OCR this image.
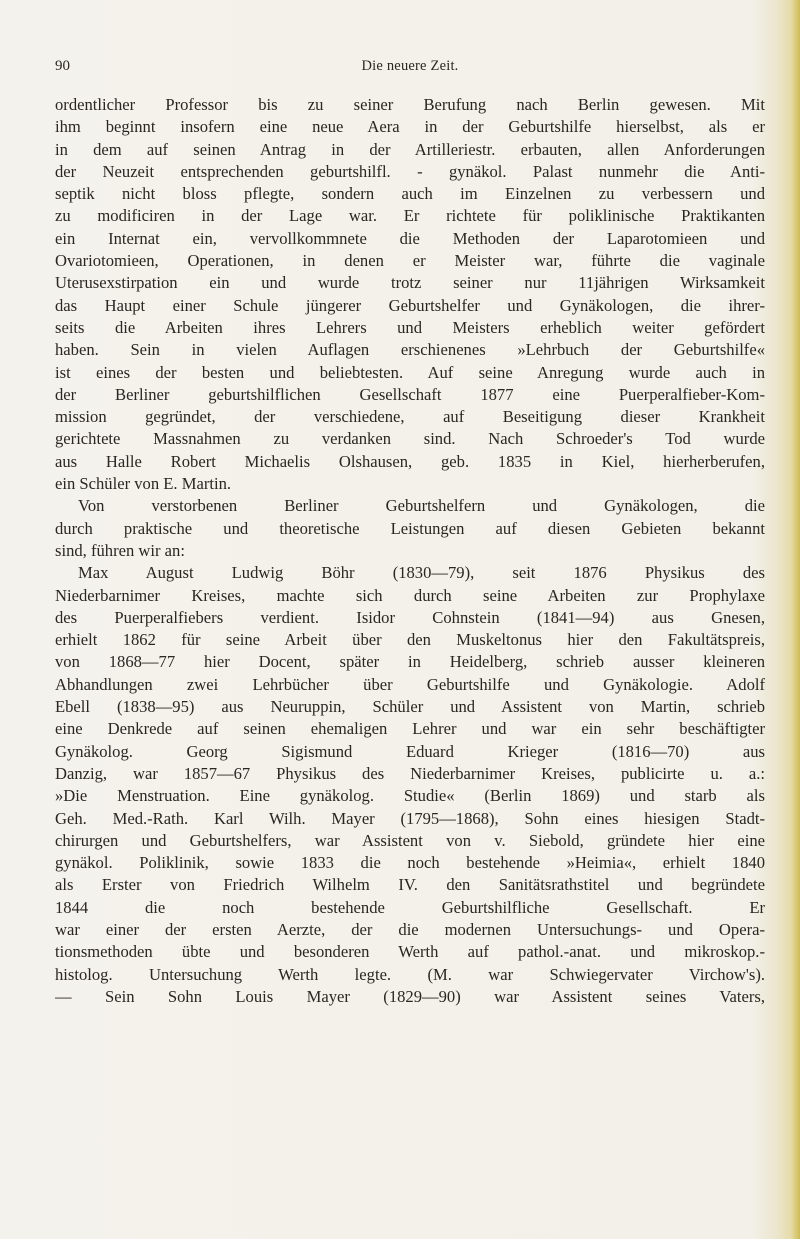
90	Die neuere Zeit.
ordentlicher Professor bis zu seiner Berufung nach Berlin gewesen. Mit
ihm beginnt insofern eine neue Aera in der Geburtshilfe hierselbst, als er
in dem auf seinen Antrag in der Artilleriestr. erbauten, allen Anforderungen
der Neuzeit entsprechenden geburtshilfl. - gynäkol. Palast nunmehr die Anti-
septik nicht bloss pflegte, sondern auch im Einzelnen zu verbessern und
zu modificiren in der Lage war. Er richtete für poliklinische Praktikanten
ein Internat ein, vervollkommnete die Methoden der Laparotomieen und
Ovariotomieen, Operationen, in denen er Meister war, führte die vaginale
Uterusexstirpation ein und wurde trotz seiner nur 11jährigen Wirksamkeit
das Haupt einer Schule jüngerer Geburtshelfer und Gynäkologen, die ihrer-
seits die Arbeiten ihres Lehrers und Meisters erheblich weiter gefördert
haben. Sein in vielen Auflagen erschienenes »Lehrbuch der Geburtshilfe«
ist eines der besten und beliebtesten. Auf seine Anregung wurde auch in
der Berliner geburtshilflichen Gesellschaft 1877 eine Puerperalfieber-Kom-
mission gegründet, der verschiedene, auf Beseitigung dieser Krankheit
gerichtete Massnahmen zu verdanken sind. Nach Schroeder's Tod wurde
aus Halle Robert Michaelis Olshausen, geb. 1835 in Kiel, hierherberufen,
ein Schüler von E. Martin.
Von verstorbenen Berliner Geburtshelfern und Gynäkologen, die
durch praktische und theoretische Leistungen auf diesen Gebieten bekannt
sind, führen wir an:
Max August Ludwig Böhr (1830—79), seit 1876 Physikus des
Niederbarnimer Kreises, machte sich durch seine Arbeiten zur Prophylaxe
des Puerperalfiebers verdient. Isidor Cohnstein (1841—94) aus Gnesen,
erhielt 1862 für seine Arbeit über den Muskeltonus hier den Fakultätspreis,
von 1868—77 hier Docent, später in Heidelberg, schrieb ausser kleineren
Abhandlungen zwei Lehrbücher über Geburtshilfe und Gynäkologie. Adolf
Ebell (1838—95) aus Neuruppin, Schüler und Assistent von Martin, schrieb
eine Denkrede auf seinen ehemaligen Lehrer und war ein sehr beschäftigter
Gynäkolog. Georg Sigismund Eduard Krieger (1816—70) aus
Danzig, war 1857—67 Physikus des Niederbarnimer Kreises, publicirte u. a.:
»Die Menstruation. Eine gynäkolog. Studie« (Berlin 1869) und starb als
Geh. Med.-Rath. Karl Wilh. Mayer (1795—1868), Sohn eines hiesigen Stadt-
chirurgen und Geburtshelfers, war Assistent von v. Siebold, gründete hier eine
gynäkol. Poliklinik, sowie 1833 die noch bestehende »Heimia«, erhielt 1840
als Erster von Friedrich Wilhelm IV. den Sanitätsrathstitel und begründete
1844 die noch bestehende Geburtshilfliche Gesellschaft. Er
war einer der ersten Aerzte, der die modernen Untersuchungs- und Opera-
tionsmethoden übte und besonderen Werth auf pathol.-anat. und mikroskop.-
histolog. Untersuchung Werth legte. (M. war Schwiegervater Virchow's).
— Sein Sohn Louis Mayer (1829—90) war Assistent seines Vaters,
